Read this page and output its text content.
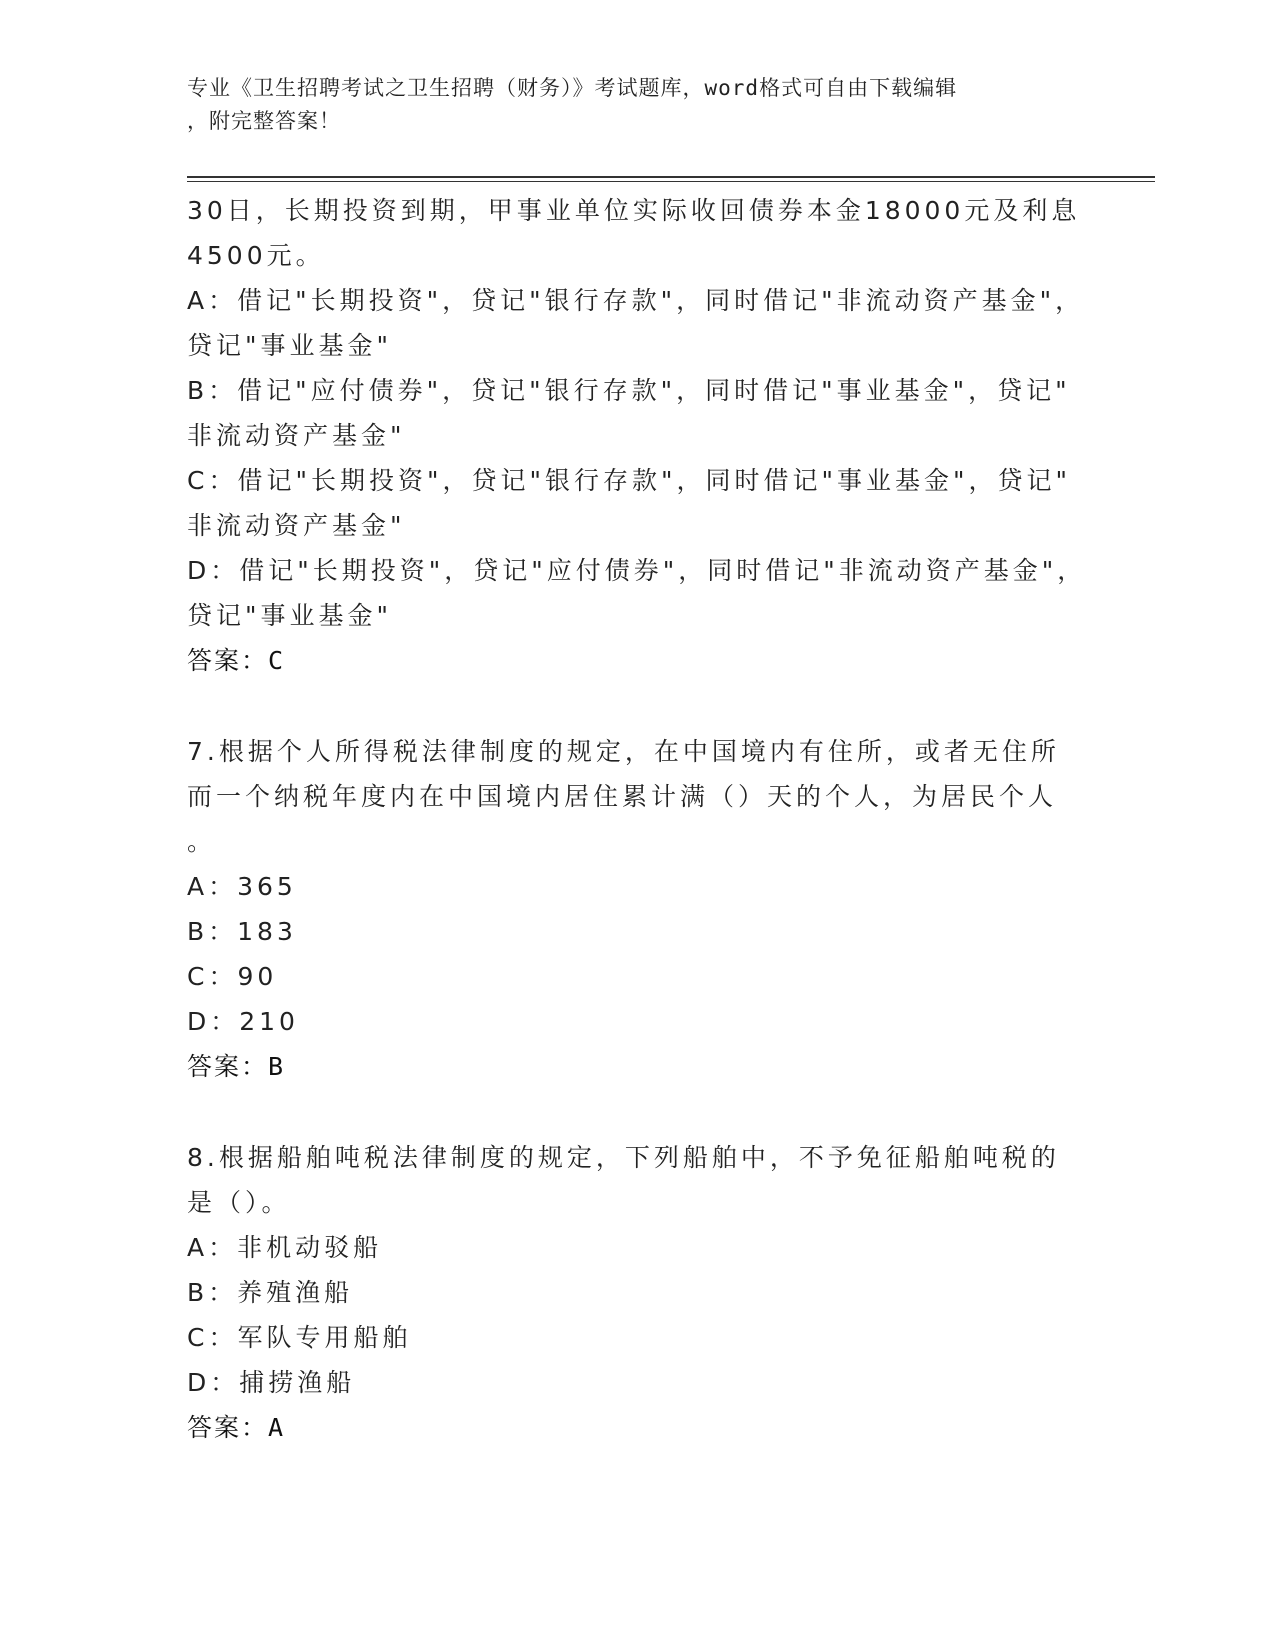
专业《卫生招聘考试之卫生招聘（财务）》考试题库，word格式可自由下载编辑
，附完整答案！
30日，长期投资到期，甲事业单位实际收回债券本金18000元及利息
4500元。
A：借记"长期投资"，贷记"银行存款"，同时借记"非流动资产基金"，
贷记"事业基金"
B：借记"应付债券"，贷记"银行存款"，同时借记"事业基金"，贷记"
非流动资产基金"
C：借记"长期投资"，贷记"银行存款"，同时借记"事业基金"，贷记"
非流动资产基金"
D：借记"长期投资"，贷记"应付债券"，同时借记"非流动资产基金"，
贷记"事业基金"
答案：C
7.根据个人所得税法律制度的规定，在中国境内有住所，或者无住所
而一个纳税年度内在中国境内居住累计满（）天的个人，为居民个人
。
A：365
B：183
C：90
D：210
答案：B
8.根据船舶吨税法律制度的规定，下列船舶中，不予免征船舶吨税的
是（）。
A：非机动驳船
B：养殖渔船
C：军队专用船舶
D：捕捞渔船
答案：A
